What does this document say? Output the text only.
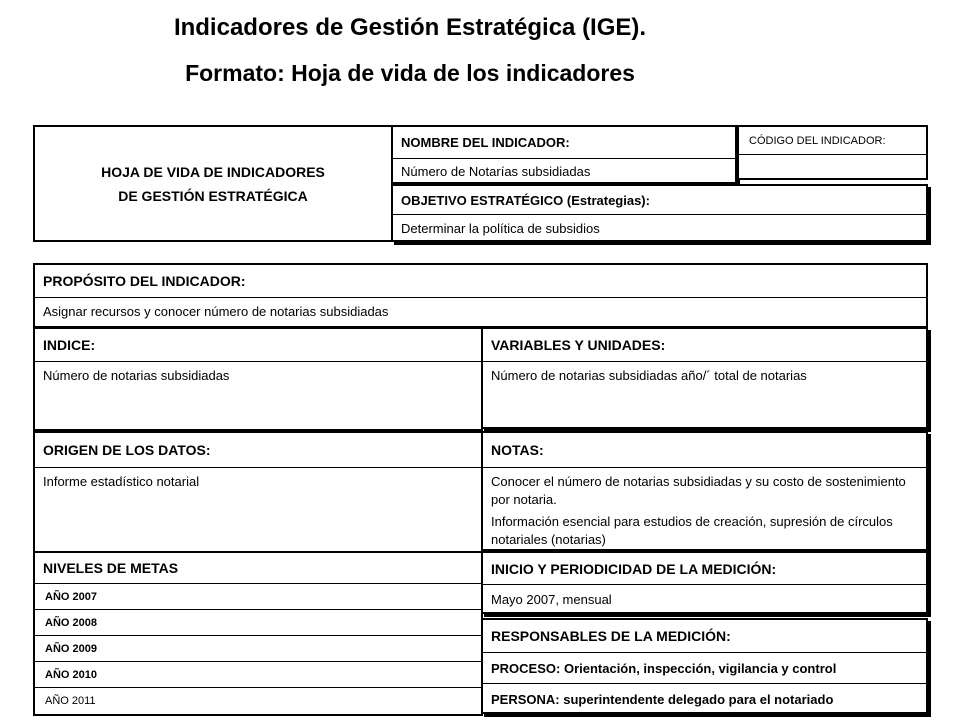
Indicadores de Gestión Estratégica (IGE).
Formato: Hoja de vida de los indicadores
HOJA DE VIDA DE INDICADORES
DE GESTIÓN ESTRATÉGICA
NOMBRE DEL INDICADOR:
Número de Notarías subsidiadas
CÓDIGO DEL INDICADOR:
OBJETIVO ESTRATÉGICO (Estrategias):
Determinar la política de subsidios
PROPÓSITO DEL INDICADOR:
Asignar recursos y conocer número de notarias subsidiadas
INDICE:
Número de notarias subsidiadas
VARIABLES Y UNIDADES:
Número de notarias subsidiadas año/´ total de notarias
ORIGEN DE LOS DATOS:
Informe estadístico notarial
NOTAS:
Conocer el número de notarias subsidiadas y su costo de sostenimiento por notaria.
Información esencial para estudios de creación, supresión de círculos notariales (notarias)
NIVELES DE METAS
AÑO 2007
AÑO 2008
AÑO 2009
AÑO 2010
AÑO 2011
INICIO Y PERIODICIDAD DE LA MEDICIÓN:
Mayo 2007, mensual
RESPONSABLES DE LA MEDICIÓN:
PROCESO: Orientación, inspección, vigilancia y control
PERSONA: superintendente delegado para el notariado
